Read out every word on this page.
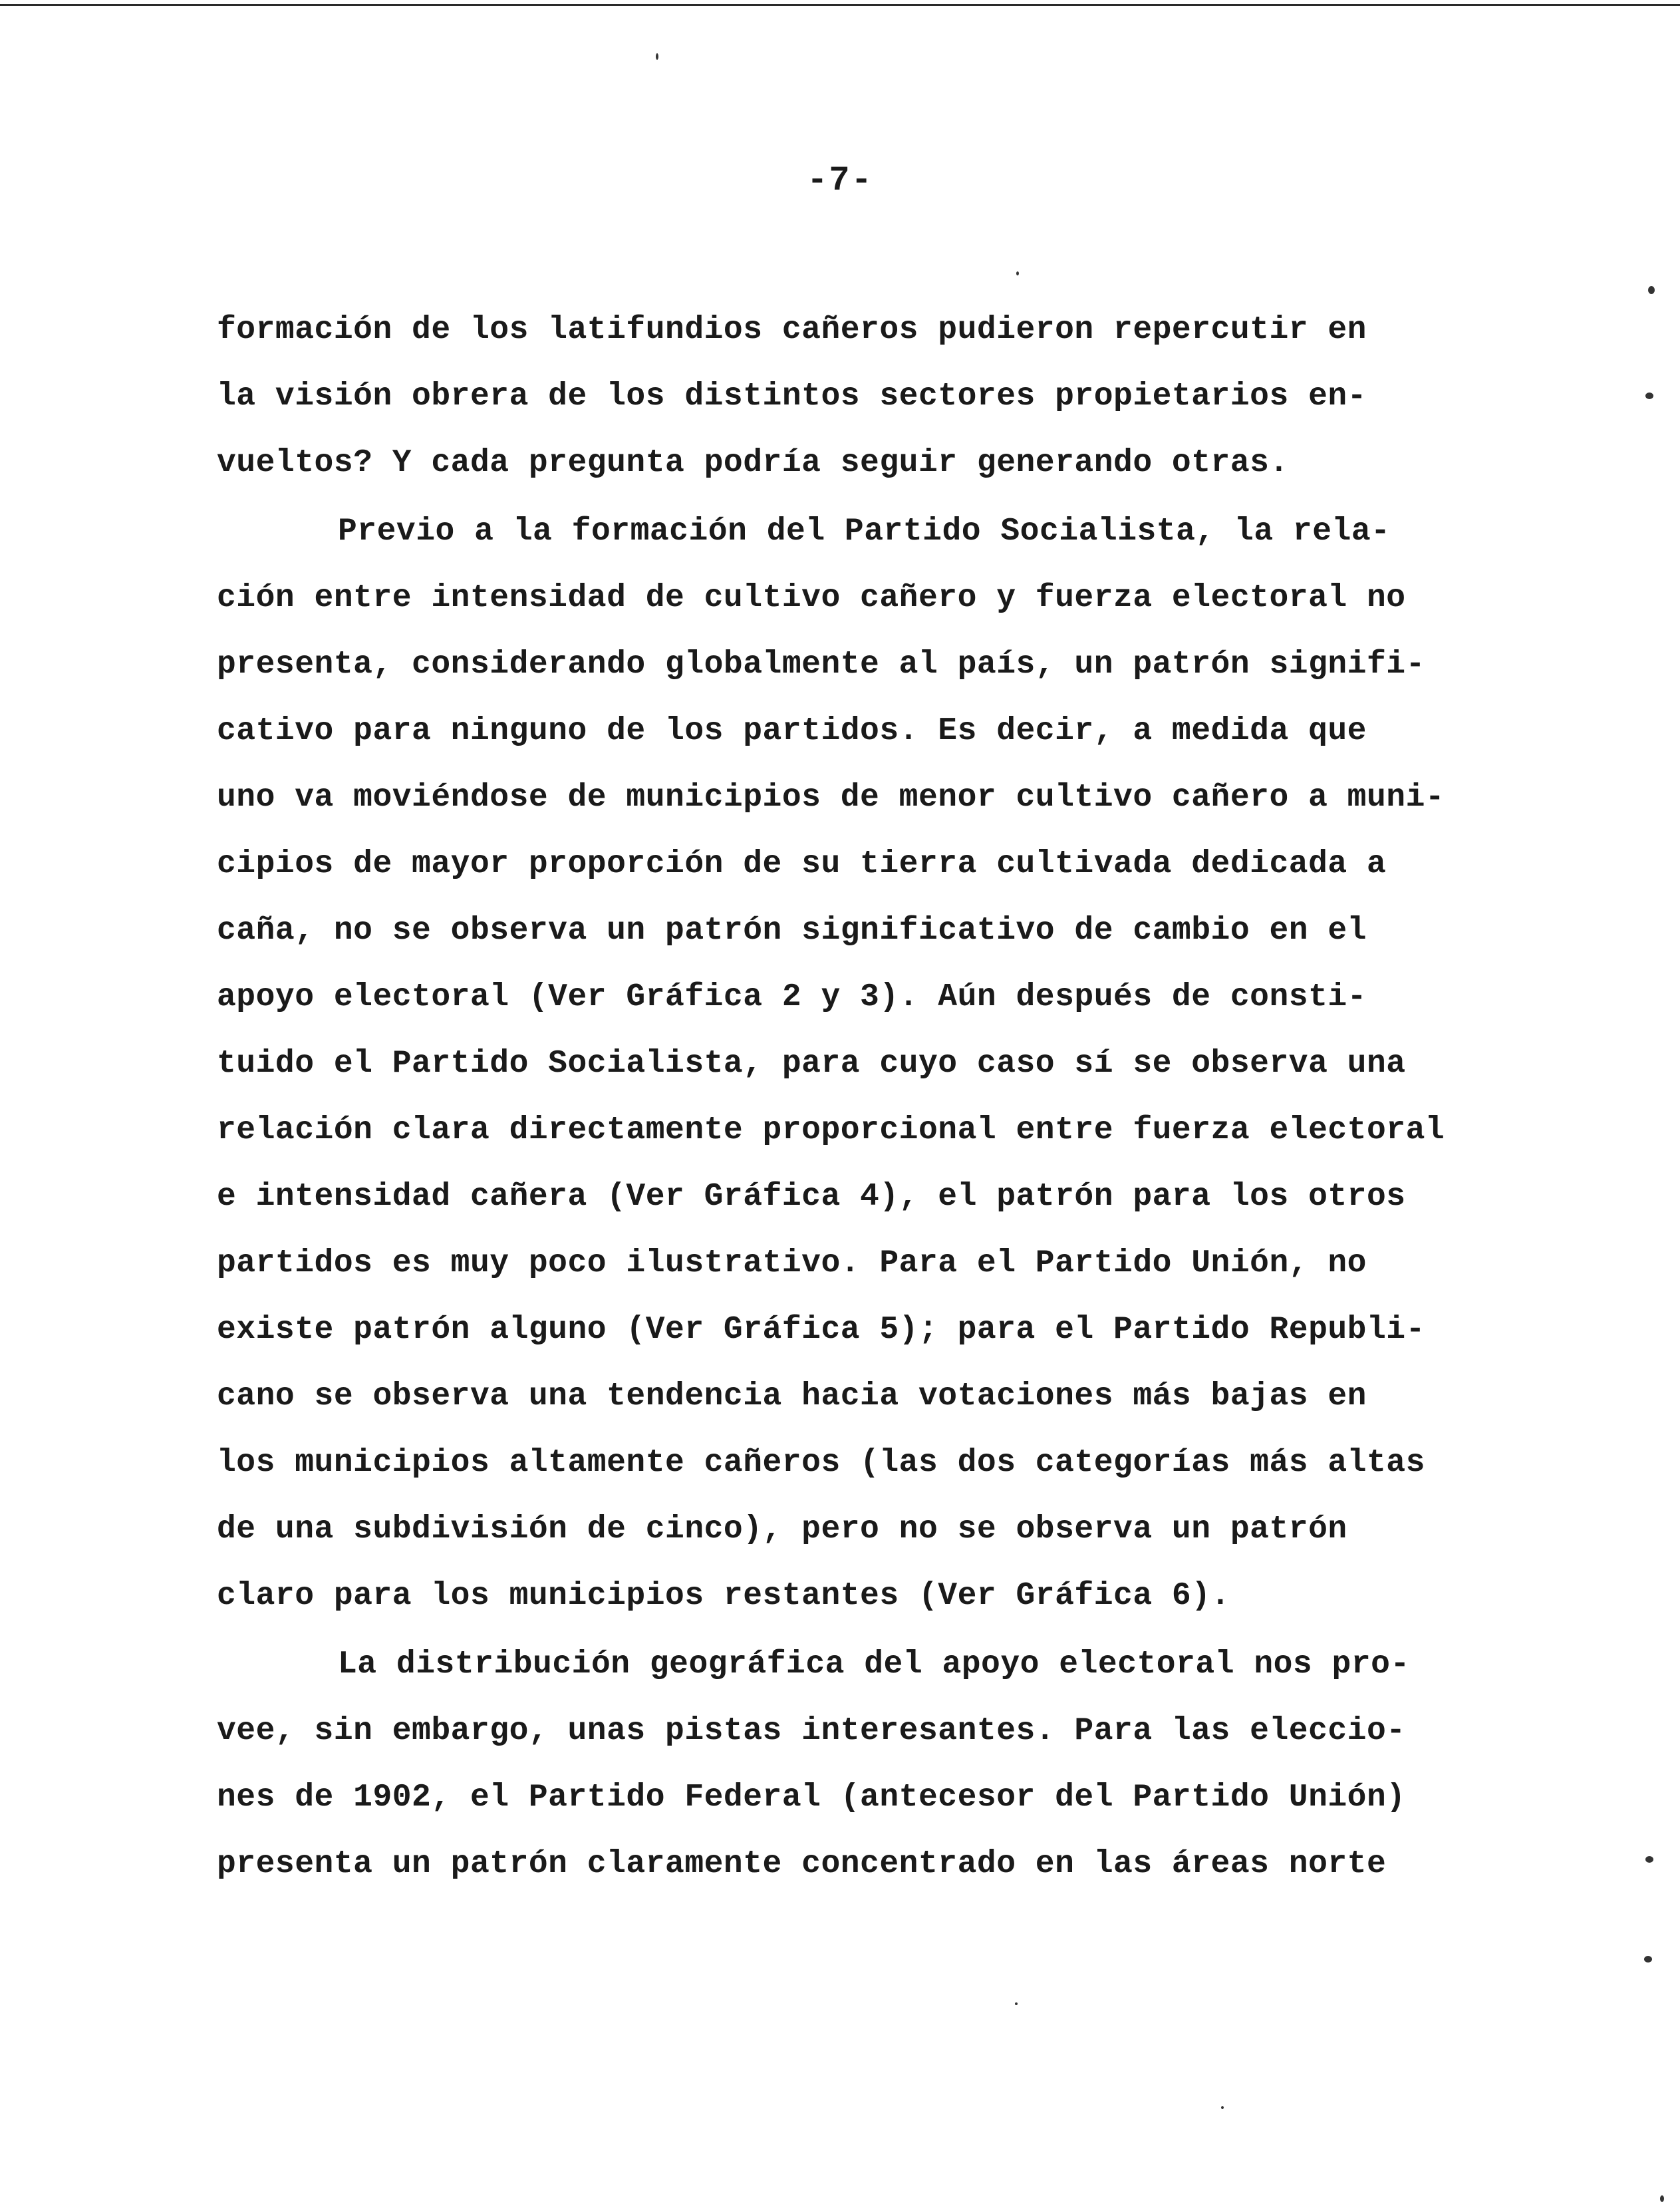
-7-
formación de los latifundios cañeros pudieron repercutir en
la visión obrera de los distintos sectores propietarios en-
vueltos? Y cada pregunta podría seguir generando otras.
Previo a la formación del Partido Socialista, la rela-
ción entre intensidad de cultivo cañero y fuerza electoral no
presenta, considerando globalmente al país, un patrón signifi-
cativo para ninguno de los partidos. Es decir, a medida que
uno va moviéndose de municipios de menor cultivo cañero a muni-
cipios de mayor proporción de su tierra cultivada dedicada a
caña, no se observa un patrón significativo de cambio en el
apoyo electoral (Ver Gráfica 2 y 3). Aún después de consti-
tuido el Partido Socialista, para cuyo caso sí se observa una
relación clara directamente proporcional entre fuerza electoral
e intensidad cañera (Ver Gráfica 4), el patrón para los otros
partidos es muy poco ilustrativo. Para el Partido Unión, no
existe patrón alguno (Ver Gráfica 5); para el Partido Republi-
cano se observa una tendencia hacia votaciones más bajas en
los municipios altamente cañeros (las dos categorías más altas
de una subdivisión de cinco), pero no se observa un patrón
claro para los municipios restantes (Ver Gráfica 6).
La distribución geográfica del apoyo electoral nos pro-
vee, sin embargo, unas pistas interesantes. Para las eleccio-
nes de 1902, el Partido Federal (antecesor del Partido Unión)
presenta un patrón claramente concentrado en las áreas norte
